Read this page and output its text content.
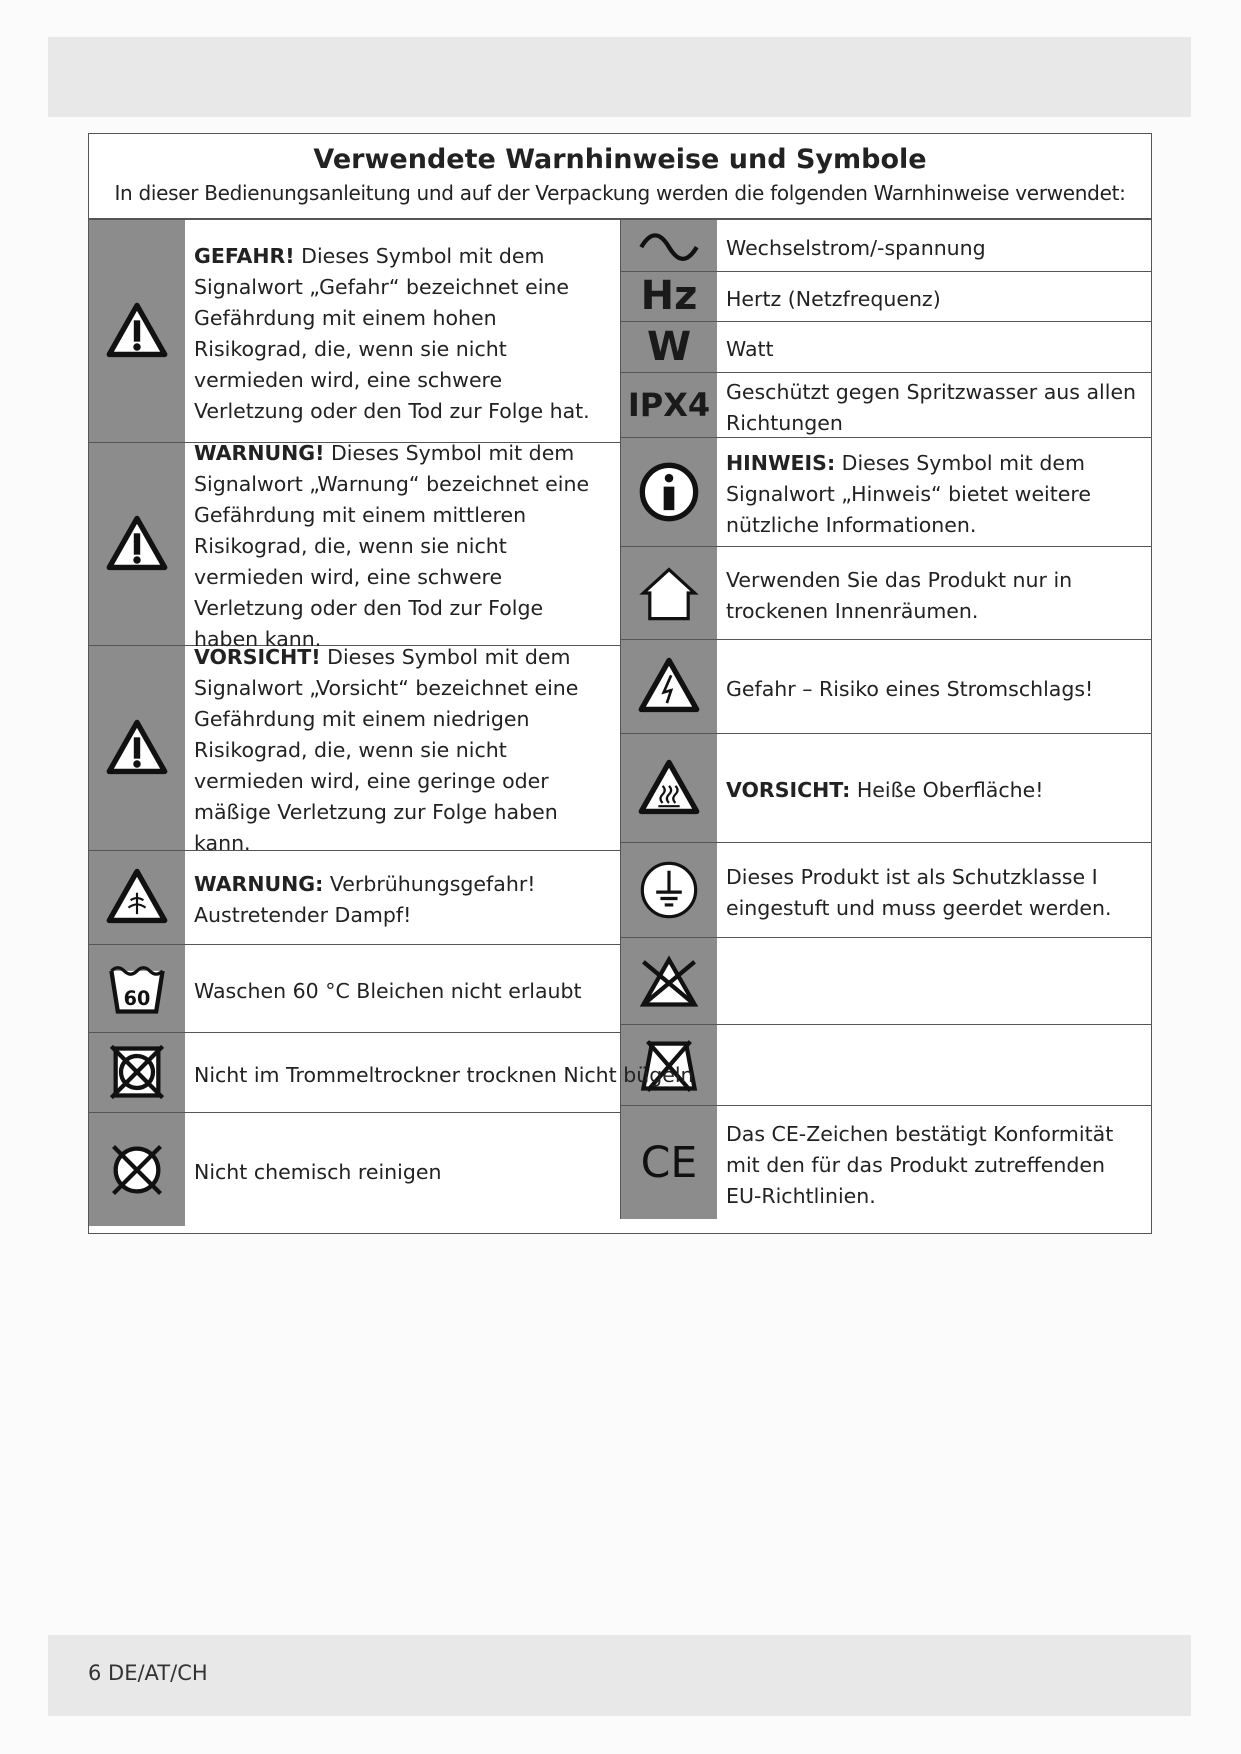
Verwendete Warnhinweise und Symbole

In dieser Bedienungsanleitung und auf der Verpackung werden die folgenden Warnhinweise verwendet:

GEFAHR! Dieses Symbol mit dem Signalwort „Gefahr“ bezeichnet eine Gefährdung mit einem hohen Risikograd, die, wenn sie nicht vermieden wird, eine schwere Verletzung oder den Tod zur Folge hat.
WARNUNG! Dieses Symbol mit dem Signalwort „Warnung“ bezeichnet eine Gefährdung mit einem mittleren Risikograd, die, wenn sie nicht vermieden wird, eine schwere Verletzung oder den Tod zur Folge haben kann.
VORSICHT! Dieses Symbol mit dem Signalwort „Vorsicht“ bezeichnet eine Gefährdung mit einem niedrigen Risikograd, die, wenn sie nicht vermieden wird, eine geringe oder mäßige Verletzung zur Folge haben kann.
WARNUNG: Verbrühungsgefahr! Austretender Dampf!
60 Waschen 60 °C Bleichen nicht erlaubt
Nicht im Trommeltrockner trocknen Nicht bügeln
Nicht chemisch reinigen
Wechselstrom/-spannung
Hz Hertz (Netzfrequenz)
W Watt
IPX4 Geschützt gegen Spritzwasser aus allen Richtungen
HINWEIS: Dieses Symbol mit dem Signalwort „Hinweis“ bietet weitere nützliche Informationen.
Verwenden Sie das Produkt nur in trockenen Innenräumen.
Gefahr – Risiko eines Stromschlags!
VORSICHT: Heiße Oberfläche!
Dieses Produkt ist als Schutzklasse I eingestuft und muss geerdet werden.
CE
Das CE-Zeichen bestätigt Konformität mit den für das Produkt zutreffenden EU-Richtlinien.
6 DE/AT/CH
